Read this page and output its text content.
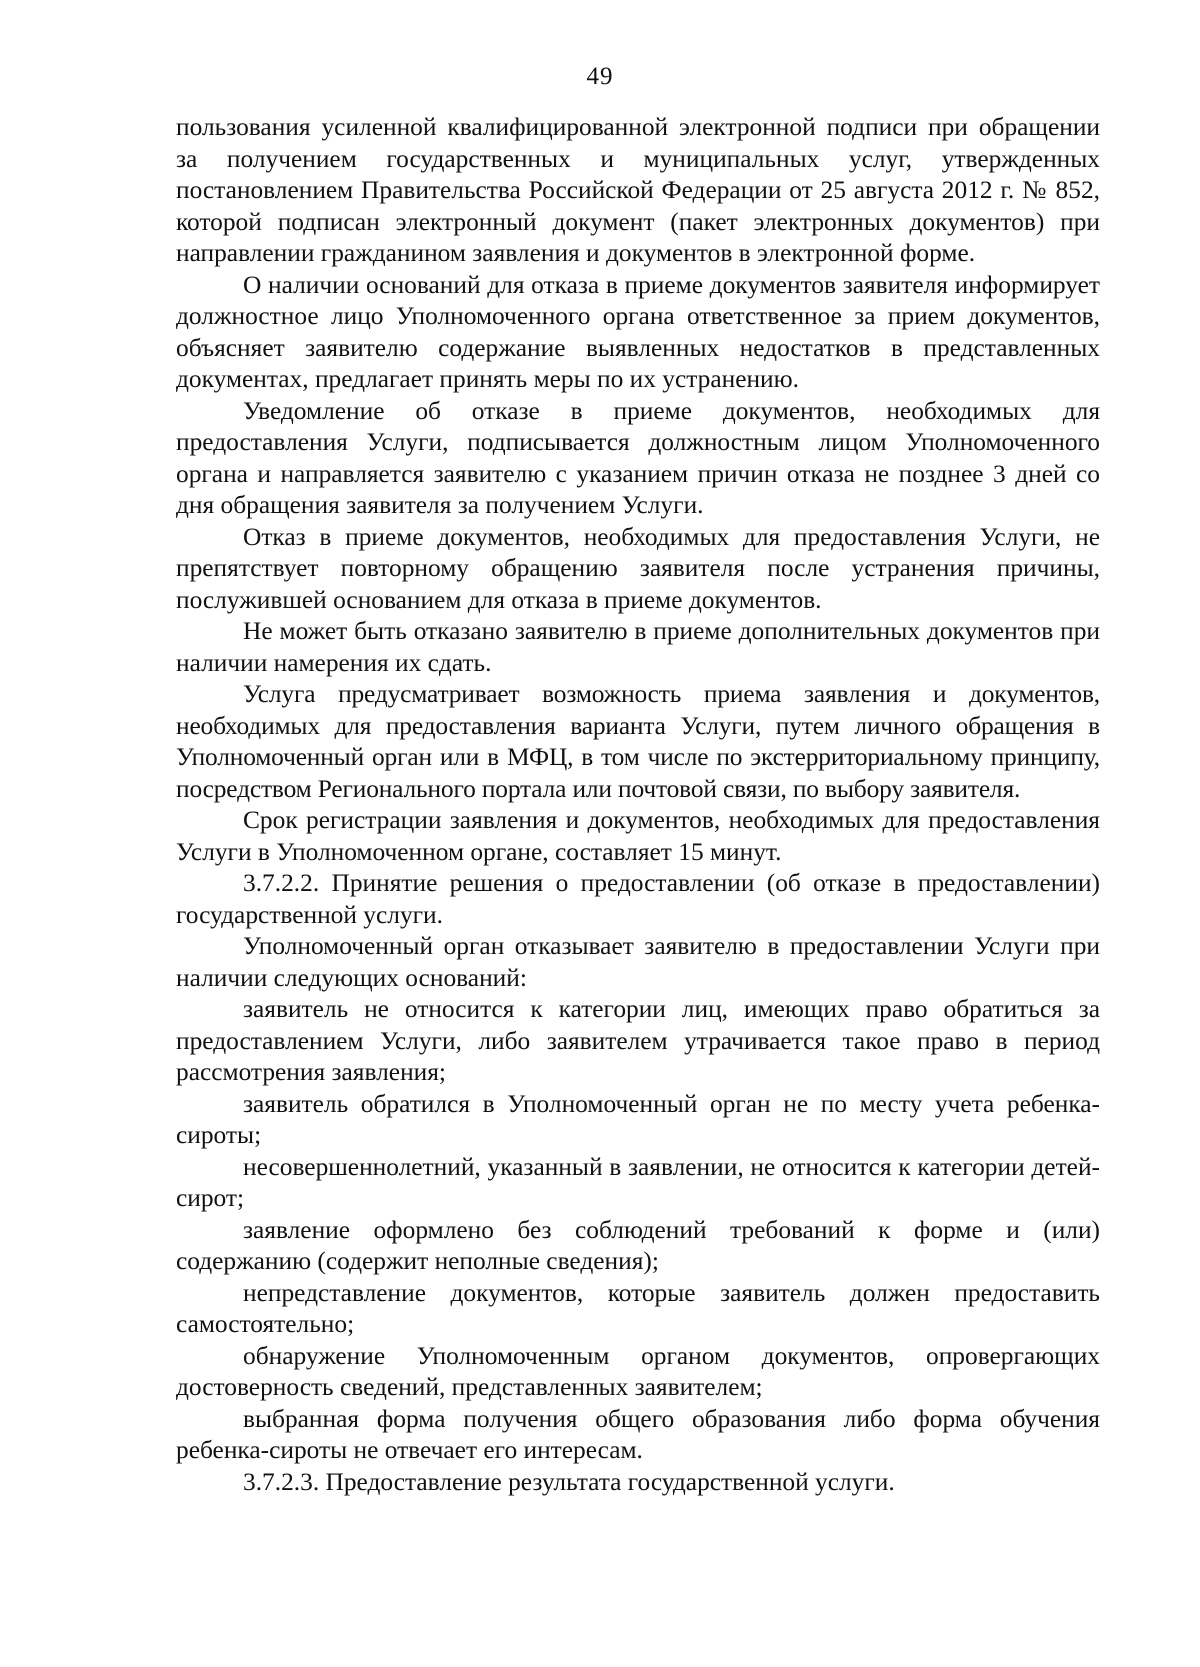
49

пользования усиленной квалифицированной электронной подписи при обращении за получением государственных и муниципальных услуг, утвержденных постановлением Правительства Российской Федерации от 25 августа 2012 г. № 852, которой подписан электронный документ (пакет электронных документов) при направлении гражданином заявления и документов в электронной форме.

О наличии оснований для отказа в приеме документов заявителя информирует должностное лицо Уполномоченного органа ответственное за прием документов, объясняет заявителю содержание выявленных недостатков в представленных документах, предлагает принять меры по их устранению.

Уведомление об отказе в приеме документов, необходимых для предоставления Услуги, подписывается должностным лицом Уполномоченного органа и направляется заявителю с указанием причин отказа не позднее 3 дней со дня обращения заявителя за получением Услуги.

Отказ в приеме документов, необходимых для предоставления Услуги, не препятствует повторному обращению заявителя после устранения причины, послужившей основанием для отказа в приеме документов.

Не может быть отказано заявителю в приеме дополнительных документов при наличии намерения их сдать.

Услуга предусматривает возможность приема заявления и документов, необходимых для предоставления варианта Услуги, путем личного обращения в Уполномоченный орган или в МФЦ, в том числе по экстерриториальному принципу, посредством Регионального портала или почтовой связи, по выбору заявителя.

Срок регистрации заявления и документов, необходимых для предоставления Услуги в Уполномоченном органе, составляет 15 минут.

3.7.2.2. Принятие решения о предоставлении (об отказе в предоставлении) государственной услуги.

Уполномоченный орган отказывает заявителю в предоставлении Услуги при наличии следующих оснований:

заявитель не относится к категории лиц, имеющих право обратиться за предоставлением Услуги, либо заявителем утрачивается такое право в период рассмотрения заявления;

заявитель обратился в Уполномоченный орган не по месту учета ребенка-сироты;

несовершеннолетний, указанный в заявлении, не относится к категории детей-сирот;

заявление оформлено без соблюдений требований к форме и (или) содержанию (содержит неполные сведения);

непредставление документов, которые заявитель должен предоставить самостоятельно;

обнаружение Уполномоченным органом документов, опровергающих достоверность сведений, представленных заявителем;

выбранная форма получения общего образования либо форма обучения ребенка-сироты не отвечает его интересам.

3.7.2.3. Предоставление результата государственной услуги.
